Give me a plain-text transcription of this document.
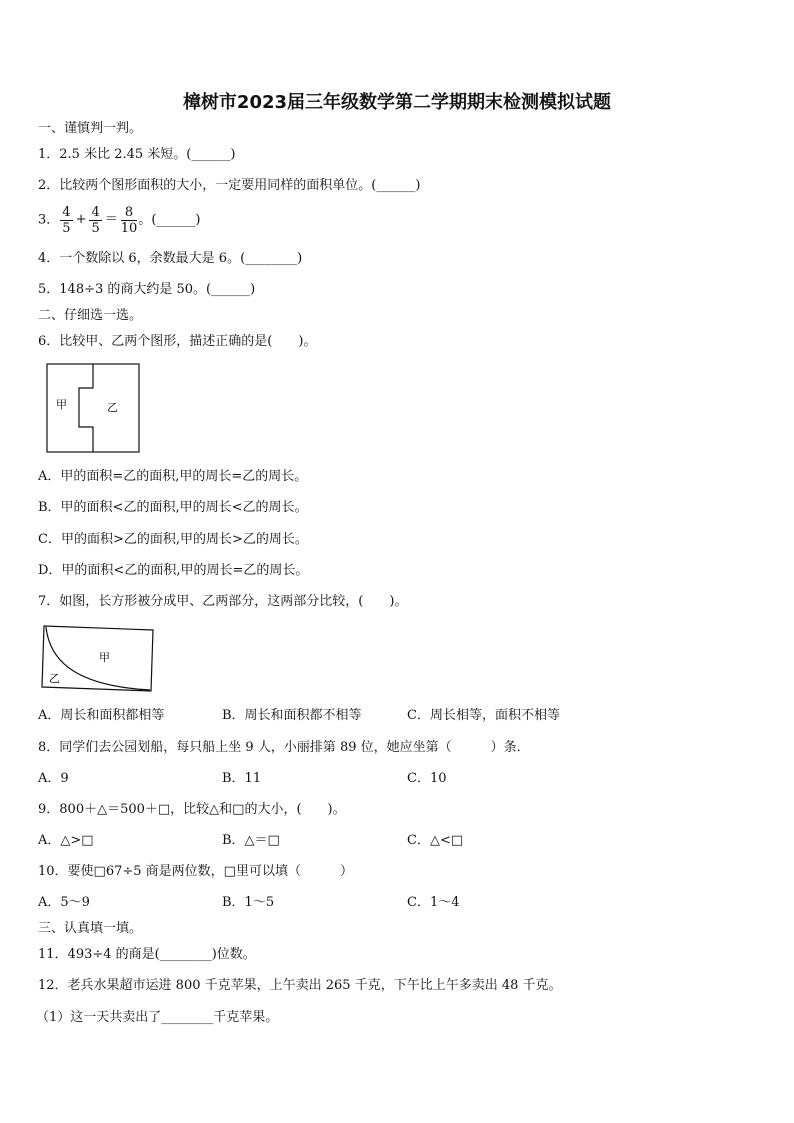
樟树市2023届三年级数学第二学期期末检测模拟试题
一、谨慎判一判。
1．2.5 米比 2.45 米短。(______)
2．比较两个图形面积的大小，一定要用同样的面积单位。(______)
3． $\frac{4}{5} + \frac{4}{5} = \frac{8}{10}$ 。(______)
4．一个数除以 6，余数最大是 6。(________)
5．148÷3 的商大约是 50。(______)
二、仔细选一选。
6．比较甲、乙两个图形，描述正确的是(　　)。
甲	乙
A．甲的面积=乙的面积,甲的周长=乙的周长。
B．甲的面积<乙的面积,甲的周长<乙的周长。
C．甲的面积>乙的面积,甲的周长>乙的周长。
D．甲的面积<乙的面积,甲的周长=乙的周长。
7．如图，长方形被分成甲、乙两部分，这两部分比较，(　　)。
甲
乙
A．周长和面积都相等	B．周长和面积都不相等	C．周长相等，面积不相等
8．同学们去公园划船，每只船上坐 9 人，小丽排第 89 位，她应坐第（　　　）条．
A．9	B．11	C．10
9．800＋△＝500＋□，比较△和□的大小，(　　)。
A．△>□	B．△＝□	C．△<□
10．要使□67÷5 商是两位数，□里可以填（　　　）
A．5～9	B．1～5	C．1～4
三、认真填一填。
11．493÷4 的商是(________)位数。
12．老兵水果超市运进 800 千克苹果，上午卖出 265 千克，下午比上午多卖出 48 千克。
（1）这一天共卖出了________千克苹果。
